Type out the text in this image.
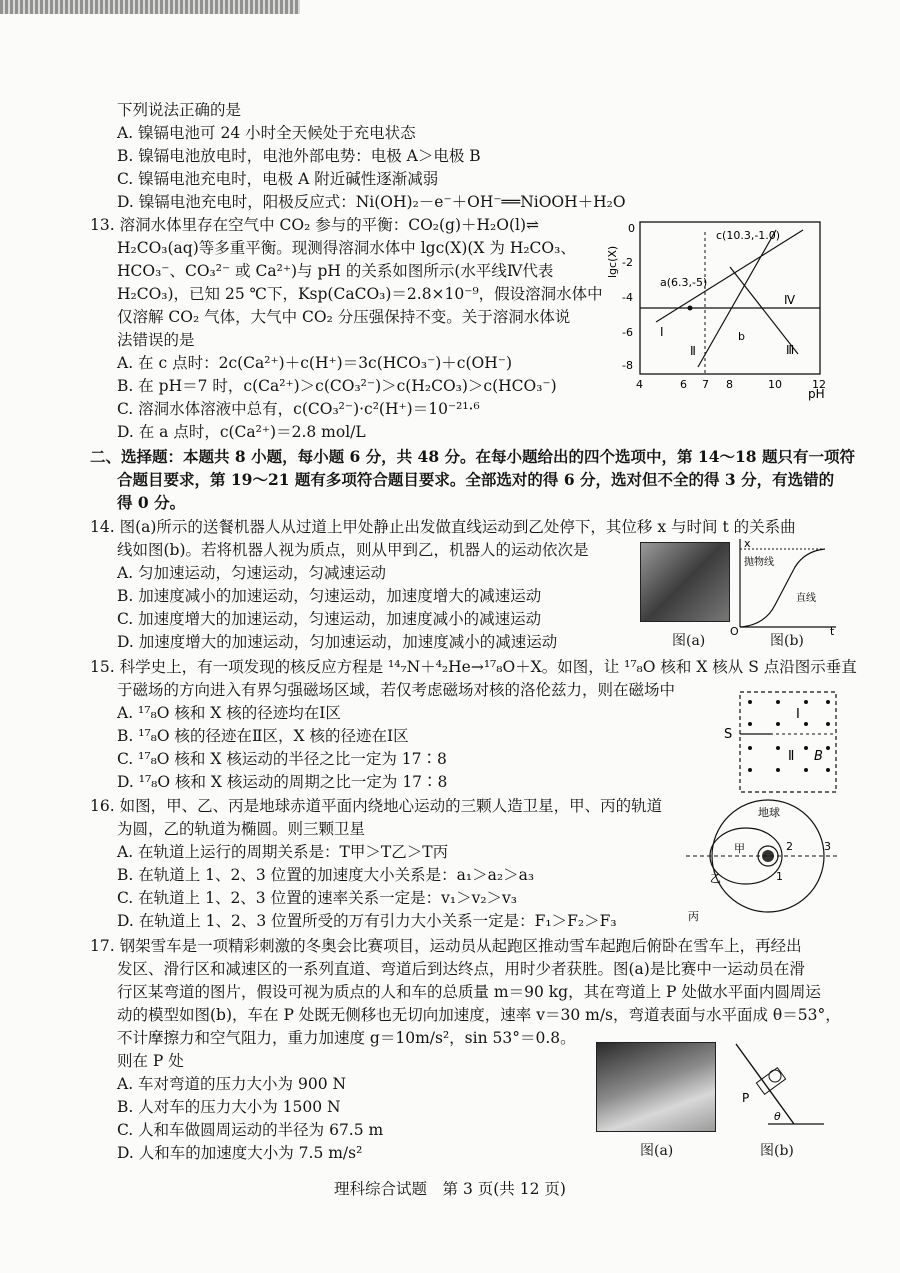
下列说法正确的是
A. 镍镉电池可 24 小时全天候处于充电状态
B. 镍镉电池放电时，电池外部电势：电极 A＞电极 B
C. 镍镉电池充电时，电极 A 附近碱性逐渐减弱
D. 镍镉电池充电时，阳极反应式：Ni(OH)₂－e⁻＋OH⁻══NiOOH＋H₂O
13. 溶洞水体里存在空气中 CO₂ 参与的平衡：CO₂(g)＋H₂O(l)⇌
H₂CO₃(aq)等多重平衡。现测得溶洞水体中 lgc(X)(X 为 H₂CO₃、
HCO₃⁻、CO₃²⁻ 或 Ca²⁺)与 pH 的关系如图所示(水平线Ⅳ代表
H₂CO₃)，已知 25 ℃下，Ksp(CaCO₃)＝2.8×10⁻⁹，假设溶洞水体中
仅溶解 CO₂ 气体，大气中 CO₂ 分压强保持不变。关于溶洞水体说
法错误的是
A. 在 c 点时：2c(Ca²⁺)＋c(H⁺)＝3c(HCO₃⁻)＋c(OH⁻)
B. 在 pH＝7 时，c(Ca²⁺)＞c(CO₃²⁻)＞c(H₂CO₃)＞c(HCO₃⁻)
C. 溶洞水体溶液中总有，c(CO₃²⁻)·c²(H⁺)＝10⁻²¹·⁶
D. 在 a 点时，c(Ca²⁺)＝2.8 mol/L
lgc(X)
pH
0
-2
-4
-6
-8
4	6 7 8	10	12
a(6.3,-5)
c(10.3,-1.0)
b
Ⅰ
Ⅱ	Ⅲ
Ⅳ
二、选择题：本题共 8 小题，每小题 6 分，共 48 分。在每小题给出的四个选项中，第 14～18 题只有一项符
合题目要求，第 19～21 题有多项符合题目要求。全部选对的得 6 分，选对但不全的得 3 分，有选错的
得 0 分。
14. 图(a)所示的送餐机器人从过道上甲处静止出发做直线运动到乙处停下，其位移 x 与时间 t 的关系曲
线如图(b)。若将机器人视为质点，则从甲到乙，机器人的运动依次是
A. 匀加速运动，匀速运动，匀减速运动
B. 加速度减小的加速运动，匀速运动，加速度增大的减速运动
C. 加速度增大的加速运动，匀速运动，加速度减小的减速运动
D. 加速度增大的加速运动，匀加速运动，加速度减小的减速运动	图(a)
x
t
O
抛物线
直线
图(b)
15. 科学史上，有一项发现的核反应方程是 ¹⁴₇N＋⁴₂He→¹⁷₈O＋X。如图，让 ¹⁷₈O 核和 X 核从 S 点沿图示垂直
于磁场的方向进入有界匀强磁场区域，若仅考虑磁场对核的洛伦兹力，则在磁场中
A. ¹⁷₈O 核和 X 核的径迹均在Ⅰ区
B. ¹⁷₈O 核的径迹在Ⅱ区，X 核的径迹在Ⅰ区
C. ¹⁷₈O 核和 X 核运动的半径之比一定为 17∶8
D. ¹⁷₈O 核和 X 核运动的周期之比一定为 17∶8
S
Ⅰ
Ⅱ B
16. 如图，甲、乙、丙是地球赤道平面内绕地心运动的三颗人造卫星，甲、丙的轨道
为圆，乙的轨道为椭圆。则三颗卫星
A. 在轨道上运行的周期关系是：T甲＞T乙＞T丙
B. 在轨道上 1、2、3 位置的加速度大小关系是：a₁＞a₂＞a₃
C. 在轨道上 1、2、3 位置的速率关系一定是：v₁＞v₂＞v₃
D. 在轨道上 1、2、3 位置所受的万有引力大小关系一定是：F₁＞F₂＞F₃
地球
甲
乙
丙
1
2	3
17. 钢架雪车是一项精彩刺激的冬奥会比赛项目，运动员从起跑区推动雪车起跑后俯卧在雪车上，再经出
发区、滑行区和减速区的一系列直道、弯道后到达终点，用时少者获胜。图(a)是比赛中一运动员在滑
行区某弯道的图片，假设可视为质点的人和车的总质量 m＝90 kg，其在弯道上 P 处做水平面内圆周运
动的模型如图(b)，车在 P 处既无侧移也无切向加速度，速率 v＝30 m/s，弯道表面与水平面成 θ＝53°，
不计摩擦力和空气阻力，重力加速度 g＝10m/s²，sin 53°＝0.8。
则在 P 处
A. 车对弯道的压力大小为 900 N
B. 人对车的压力大小为 1500 N
C. 人和车做圆周运动的半径为 67.5 m
D. 人和车的加速度大小为 7.5 m/s²	图(a)
P
θ
图(b)
理科综合试题　第 3 页(共 12 页)
